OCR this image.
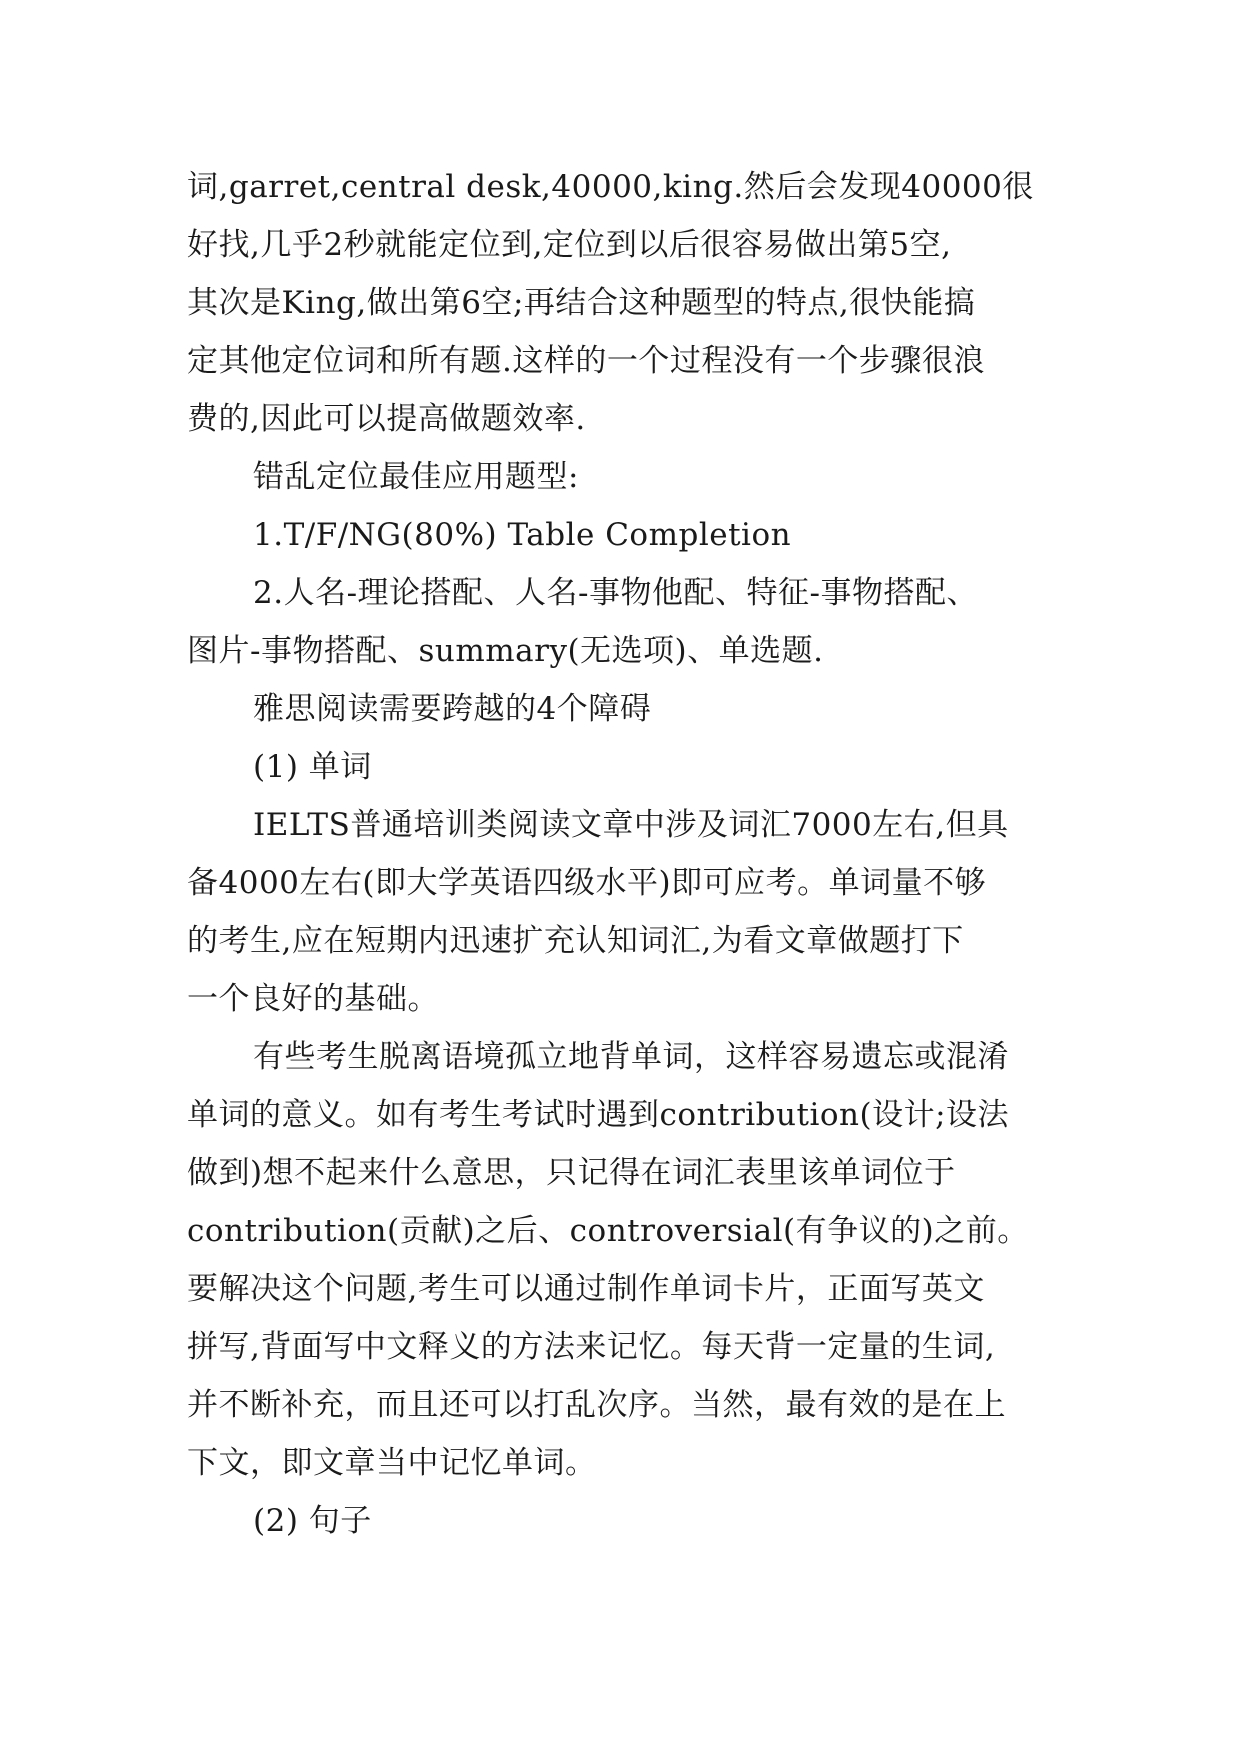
词,garret,central desk,40000,king.然后会发现40000很
好找,几乎2秒就能定位到,定位到以后很容易做出第5空,
其次是King,做出第6空;再结合这种题型的特点,很快能搞
定其他定位词和所有题.这样的一个过程没有一个步骤很浪
费的,因此可以提高做题效率.
错乱定位最佳应用题型:
1.T/F/NG(80%) Table Completion
2.人名-理论搭配、人名-事物他配、特征-事物搭配、
图片-事物搭配、summary(无选项)、单选题.
雅思阅读需要跨越的4个障碍
(1) 单词
IELTS普通培训类阅读文章中涉及词汇7000左右,但具
备4000左右(即大学英语四级水平)即可应考。单词量不够
的考生,应在短期内迅速扩充认知词汇,为看文章做题打下
一个良好的基础。
有些考生脱离语境孤立地背单词，这样容易遗忘或混淆
单词的意义。如有考生考试时遇到contribution(设计;设法
做到)想不起来什么意思，只记得在词汇表里该单词位于
contribution(贡献)之后、controversial(有争议的)之前。
要解决这个问题,考生可以通过制作单词卡片，正面写英文
拼写,背面写中文释义的方法来记忆。每天背一定量的生词,
并不断补充，而且还可以打乱次序。当然，最有效的是在上
下文，即文章当中记忆单词。
(2) 句子
